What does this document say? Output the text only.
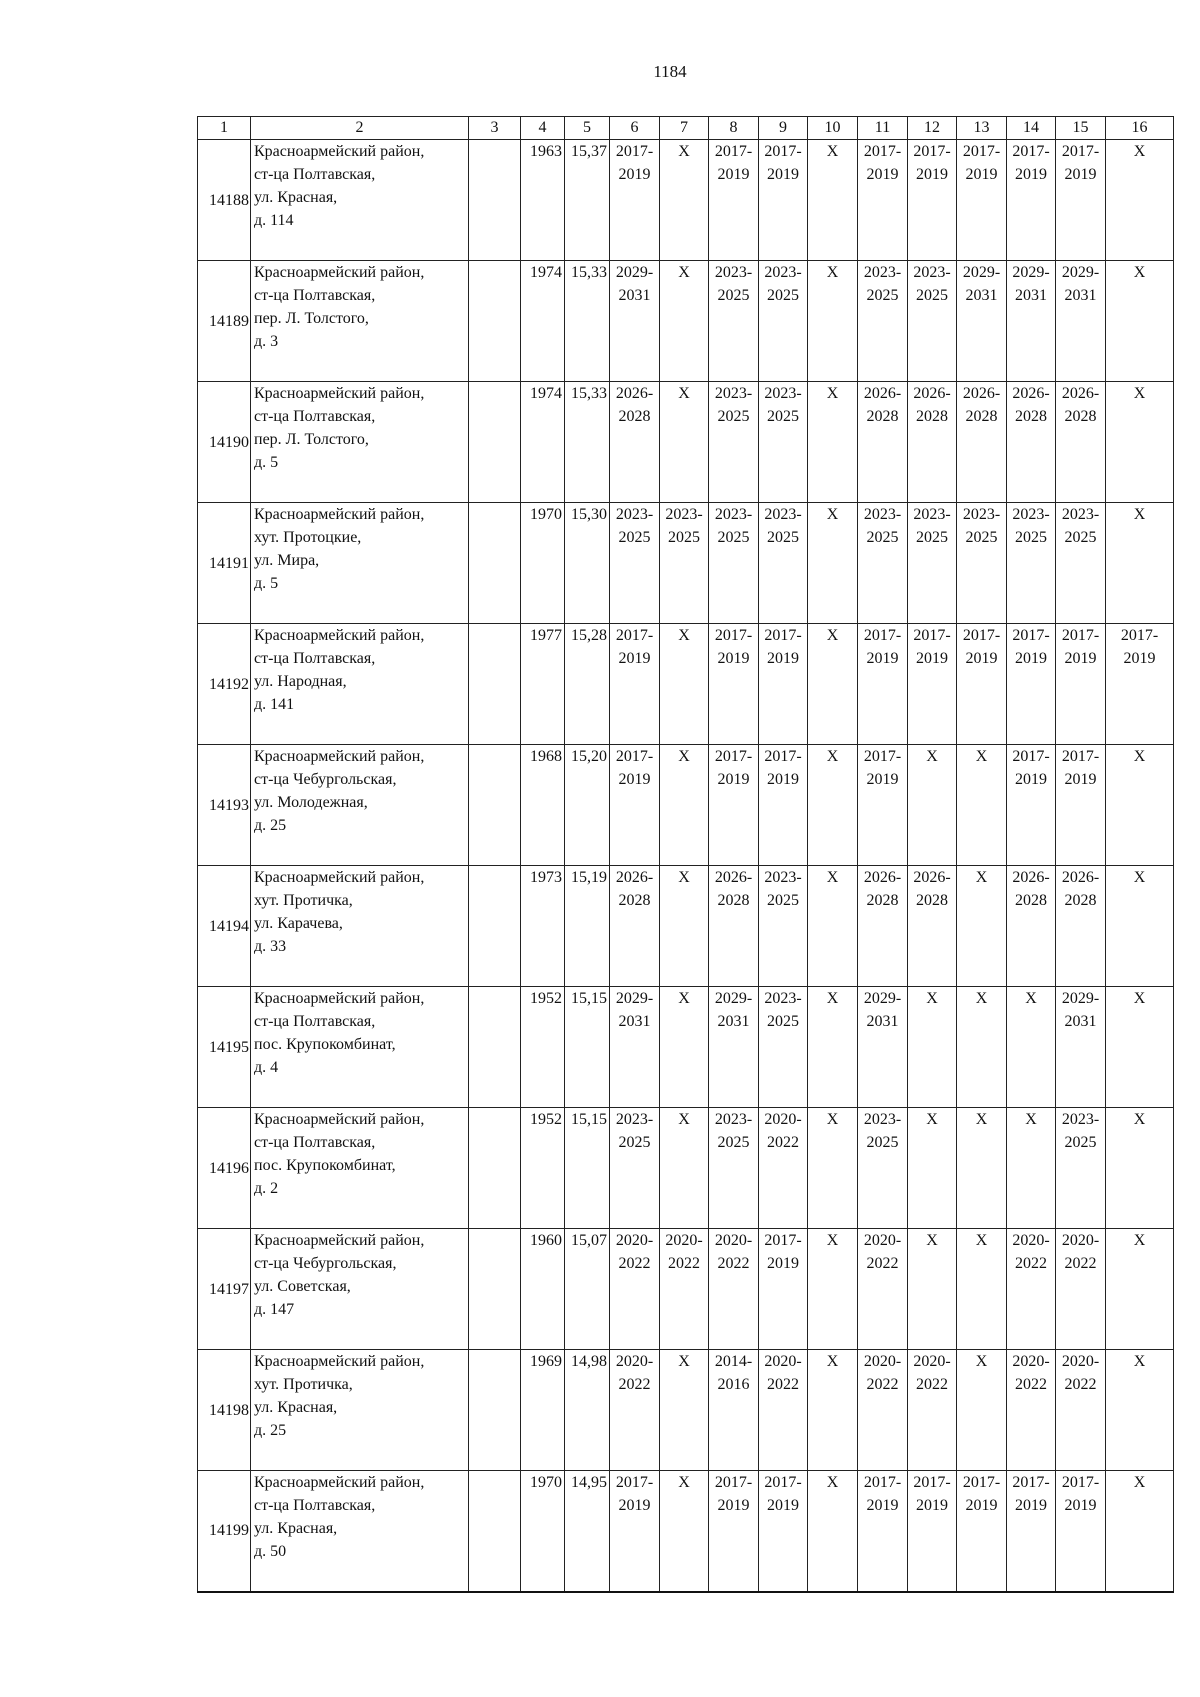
1184
1	2	3	4	5	6	7	8	9	10	11	12	13	14	15	16
14188	Красноармейский район,
ст-ца Полтавская,
ул. Красная,
д. 114		1963	15,37	2017-
2019	X	2017-
2019	2017-
2019	X	2017-
2019	2017-
2019	2017-
2019	2017-
2019	2017-
2019	X

14189	Красноармейский район,
ст-ца Полтавская,
пер. Л. Толстого,
д. 3		1974	15,33	2029-
2031	X	2023-
2025	2023-
2025	X	2023-
2025	2023-
2025	2029-
2031	2029-
2031	2029-
2031	X

14190	Красноармейский район,
ст-ца Полтавская,
пер. Л. Толстого,
д. 5		1974	15,33	2026-
2028	X	2023-
2025	2023-
2025	X	2026-
2028	2026-
2028	2026-
2028	2026-
2028	2026-
2028	X

14191	Красноармейский район,
хут. Протоцкие,
ул. Мира,
д. 5		1970	15,30	2023-
2025	2023-
2025	2023-
2025	2023-
2025	X	2023-
2025	2023-
2025	2023-
2025	2023-
2025	2023-
2025	X

14192	Красноармейский район,
ст-ца Полтавская,
ул. Народная,
д. 141		1977	15,28	2017-
2019	X	2017-
2019	2017-
2019	X	2017-
2019	2017-
2019	2017-
2019	2017-
2019	2017-
2019	2017-
2019

14193	Красноармейский район,
ст-ца Чебургольская,
ул. Молодежная,
д. 25		1968	15,20	2017-
2019	X	2017-
2019	2017-
2019	X	2017-
2019	X	X	2017-
2019	2017-
2019	X

14194	Красноармейский район,
хут. Протичка,
ул. Карачева,
д. 33		1973	15,19	2026-
2028	X	2026-
2028	2023-
2025	X	2026-
2028	2026-
2028	X	2026-
2028	2026-
2028	X

14195	Красноармейский район,
ст-ца Полтавская,
пос. Крупокомбинат,
д. 4		1952	15,15	2029-
2031	X	2029-
2031	2023-
2025	X	2029-
2031	X	X	X	2029-
2031	X

14196	Красноармейский район,
ст-ца Полтавская,
пос. Крупокомбинат,
д. 2		1952	15,15	2023-
2025	X	2023-
2025	2020-
2022	X	2023-
2025	X	X	X	2023-
2025	X

14197	Красноармейский район,
ст-ца Чебургольская,
ул. Советская,
д. 147		1960	15,07	2020-
2022	2020-
2022	2020-
2022	2017-
2019	X	2020-
2022	X	X	2020-
2022	2020-
2022	X

14198	Красноармейский район,
хут. Протичка,
ул. Красная,
д. 25		1969	14,98	2020-
2022	X	2014-
2016	2020-
2022	X	2020-
2022	2020-
2022	X	2020-
2022	2020-
2022	X

14199	Красноармейский район,
ст-ца Полтавская,
ул. Красная,
д. 50		1970	14,95	2017-
2019	X	2017-
2019	2017-
2019	X	2017-
2019	2017-
2019	2017-
2019	2017-
2019	2017-
2019	X
